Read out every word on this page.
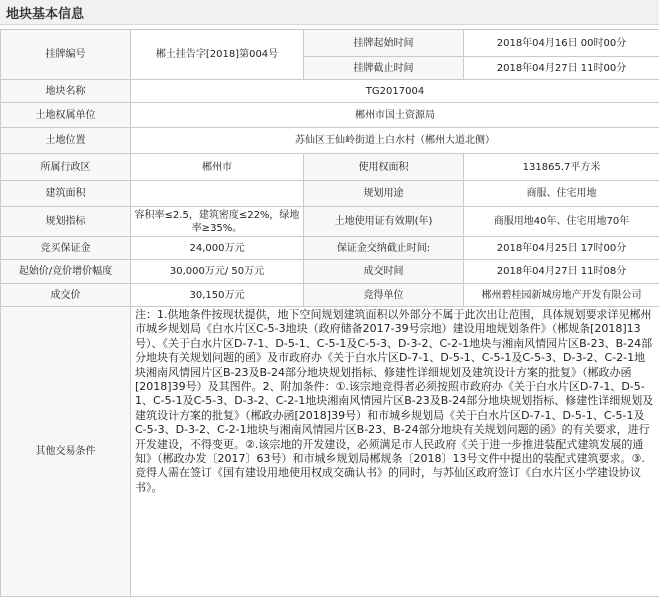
地块基本信息
挂牌编号	郴土挂告字[2018]第004号	挂牌起始时间	2018年04月16日 00时00分
		挂牌截止时间	2018年04月27日 11时00分
地块名称	TG2017004		
土地权属单位	郴州市国土资源局		
土地位置	苏仙区王仙岭街道上白水村（郴州大道北侧）		
所属行政区	郴州市	使用权面积	131865.7平方米
建筑面积		规划用途	商服、住宅用地
规划指标	容积率≤2.5，建筑密度≤22%，绿地率≥35%。	土地使用证有效期(年)	商服用地40年、住宅用地70年
竞买保证金	24,000万元	保证金交纳截止时间:	2018年04月25日 17时00分
起始价/竞价增价幅度	30,000万元/ 50万元	成交时间	2018年04月27日 11时08分
成交价	30,150万元	竞得单位	郴州碧桂园新城房地产开发有限公司
其他交易条件	注：1.供地条件按现状提供，地下空间规划建筑面积以外部分不属于此次出让范围，具体规划要求详见郴州市城乡规划局《白水片区C-5-3地块（政府储备2017-39号宗地）建设用地规划条件》（郴规条[2018]13号）、《关于白水片区D-7-1、D-5-1、C-5-1及C-5-3、D-3-2、C-2-1地块与湘南风情园片区B-23、B-24部分地块有关规划问题的函》及市政府办《关于白水片区D-7-1、D-5-1、C-5-1及C-5-3、D-3-2、C-2-1地块湘南风情园片区B-23及B-24部分地块规划指标、修建性详细规划及建筑设计方案的批复》（郴政办函[2018]39号）及其图件。2、附加条件：①.该宗地竞得者必须按照市政府办《关于白水片区D-7-1、D-5-1、C-5-1及C-5-3、D-3-2、C-2-1地块湘南风情园片区B-23及B-24部分地块规划指标、修建性详细规划及建筑设计方案的批复》（郴政办函[2018]39号）和市城乡规划局《关于白水片区D-7-1、D-5-1、C-5-1及C-5-3、D-3-2、C-2-1地块与湘南风情园片区B-23、B-24部分地块有关规划问题的函》的有关要求，进行开发建设，不得变更。②.该宗地的开发建设，必须满足市人民政府《关于进一步推进装配式建筑发展的通知》（郴政办发〔2017〕63号）和市城乡规划局郴规条〔2018〕13号文件中提出的装配式建筑要求。③.竞得人需在签订《国有建设用地使用权成交确认书》的同时，与苏仙区政府签订《白水片区小学建设协议书》。		
